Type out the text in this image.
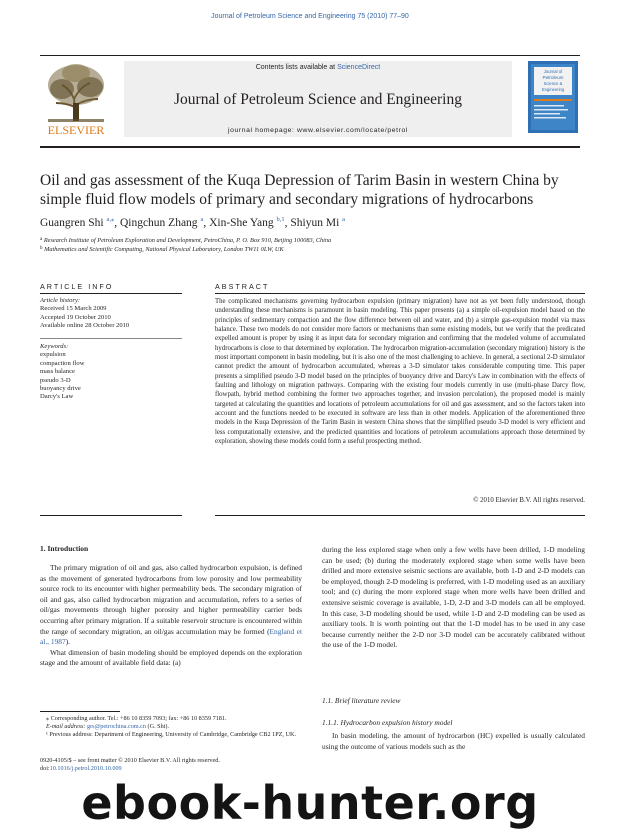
Journal of Petroleum Science and Engineering 75 (2010) 77–90
ELSEVIER
Contents lists available at ScienceDirect
Journal of Petroleum Science and Engineering
journal homepage: www.elsevier.com/locate/petrol
Journal of
Petroleum
Science &
Engineering
Oil and gas assessment of the Kuqa Depression of Tarim Basin in western China by simple fluid flow models of primary and secondary migrations of hydrocarbons
Guangren Shi $^{a,⁎}$, Qingchun Zhang $^a$, Xin-She Yang $^{b,1}$, Shiyun Mi $^a$
$^a$ Research Institute of Petroleum Exploration and Development, PetroChina, P. O. Box 910, Beijing 100083, China
$^b$ Mathematics and Scientific Computing, National Physical Laboratory, London TW11 0LW, UK
ARTICLE INFO	ABSTRACT
Article history:
Received 15 March 2009
Accepted 19 October 2010
Available online 28 October 2010
Keywords:
expulsion
compaction flow
mass balance
pseudo 3-D
buoyancy drive
Darcy's Law
The complicated mechanisms governing hydrocarbon expulsion (primary migration) have not as yet been fully understood, though understanding these mechanisms is paramount in basin modeling. This paper presents (a) a simple oil-expulsion model based on the principles of sedimentary compaction and the flow difference between oil and water, and (b) a simple gas-expulsion model via mass balance. These two models do not consider more factors or mechanisms than some existing models, but we verify that the predicated expelled amount is proper by using it as input data for secondary migration and confirming that the modeled volume of accumulated hydrocarbons is close to that determined by exploration. The hydrocarbon migration-accumulation (secondary migration) history is the most important component in basin modeling, but it is also one of the most challenging to achieve. In general, a sectional 2-D simulator cannot predict the amount of hydrocarbon accumulated, whereas a 3-D simulator takes considerable computing time. This paper presents a simplified pseudo 3-D model based on the principles of buoyancy drive and Darcy's Law in combination with the effects of faulting and lithology on migration pathways. Comparing with the existing four models currently in use (multi-phase Darcy flow, flowpath, hybrid method combining the former two approaches together, and invasion percolation), the proposed model is mainly targeted at calculating the quantities and locations of petroleum accumulations for oil and gas assessment, and so the factors taken into account and the functions needed to be executed in software are less than in other models. Application of the aforementioned three models in the Kuqa Depression of the Tarim Basin in western China shows that the simplified pseudo 3-D model is very efficient and less computationally extensive, and the predicted quantities and locations of petroleum accumulations approach those determined by exploration, showing these models could form a useful prospecting method.
© 2010 Elsevier B.V. All rights reserved.
1. Introduction

The primary migration of oil and gas, also called hydrocarbon expulsion, is defined as the movement of generated hydrocarbons from low porosity and low permeability source rock to its encounter with higher permeability beds. The secondary migration of oil and gas, also called hydrocarbon migration and accumulation, refers to a series of oil/gas movements through higher porosity and higher permeability carrier beds occurring after primary migration. If a suitable reservoir structure is encountered within the range of secondary migration, an oil/gas accumulation may be formed (England et al., 1987).

What dimension of basin modeling should be employed depends on the exploration stage and the amount of available field data: (a)

during the less explored stage when only a few wells have been drilled, 1-D modeling can be used; (b) during the moderately explored stage when some wells have been drilled and more extensive seismic sections are available, both 1-D and 2-D models can be employed, though 2-D modeling is preferred, with 1-D modeling used as an auxiliary tool; and (c) during the more explored stage when more wells have been drilled and extensive seismic coverage is available, 1-D, 2-D and 3-D models can all be employed. In this case, 3-D modeling should be used, while 1-D and 2-D modeling can be used as auxiliary tools. It is worth pointing out that the 1-D model has to be used in any case because currently neither the 2-D nor 3-D model can be accurately calibrated without the use of the 1-D model.

1.1. Brief literature review
1.1.1. Hydrocarbon expulsion history model

In basin modeling, the amount of hydrocarbon (HC) expelled is usually calculated using the outcome of various models such as the

⁎ Corresponding author. Tel.: +86 10 8359 7093; fax: +86 10 8359 7181.
E-mail address: grs@petrochina.com.cn (G. Shi).
¹ Previous address: Department of Engineering, University of Cambridge, Cambridge CB2 1PZ, UK.
0920-4105/$ – see front matter © 2010 Elsevier B.V. All rights reserved.
doi:10.1016/j.petrol.2010.10.009
ebook-hunter.org
